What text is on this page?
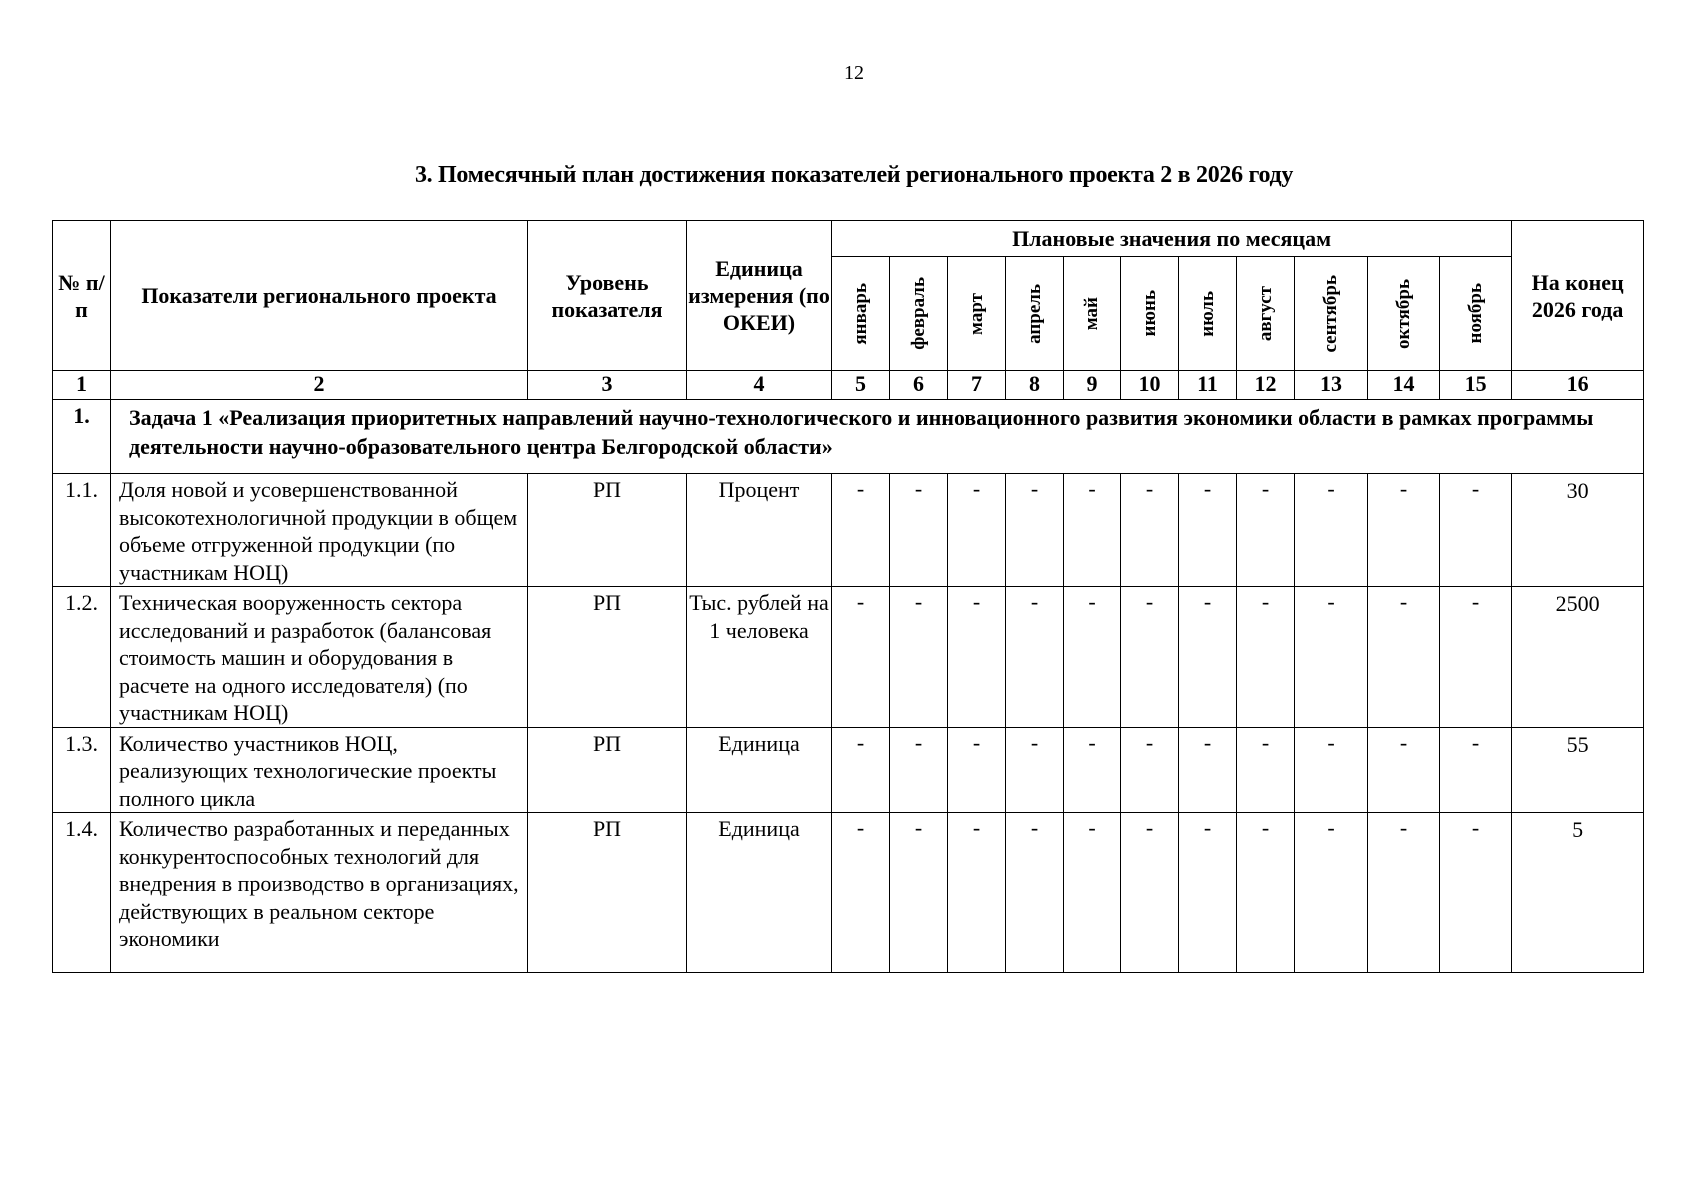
12
3. Помесячный план достижения показателей регионального проекта 2 в 2026 году
№ п/п	Показатели регионального проекта	Уровень показателя	Единица измерения (по ОКЕИ)	Плановые значения по месяцам											На конец 2026 года

				январь	февраль	март	апрель	май	июнь	июль	август	сентябрь	октябрь	ноябрь	

1	2	3	4	5	6	7	8	9	10	11	12	13	14	15	16
1.	Задача 1 «Реализация приоритетных направлений научно-технологического и инновационного развития экономики области в рамках программы деятельности научно-образовательного центра Белгородской области»														
1.1.	Доля новой и усовершенствованной высокотехнологичной продукции в общем объеме отгруженной продукции (по участникам НОЦ)	РП	Процент	-	-	-	-	-	-	-	-	-	-	-	30
1.2.	Техническая вооруженность сектора исследований и разработок (балансовая стоимость машин и оборудования в расчете на одного исследователя) (по участникам НОЦ)	РП	Тыс. рублей на 1 человека	-	-	-	-	-	-	-	-	-	-	-	2500
1.3.	Количество участников НОЦ, реализующих технологические проекты полного цикла	РП	Единица	-	-	-	-	-	-	-	-	-	-	-	55
1.4.	Количество разработанных и переданных конкурентоспособных технологий для внедрения в производство в организациях, действующих в реальном секторе экономики	РП	Единица	-	-	-	-	-	-	-	-	-	-	-	5
